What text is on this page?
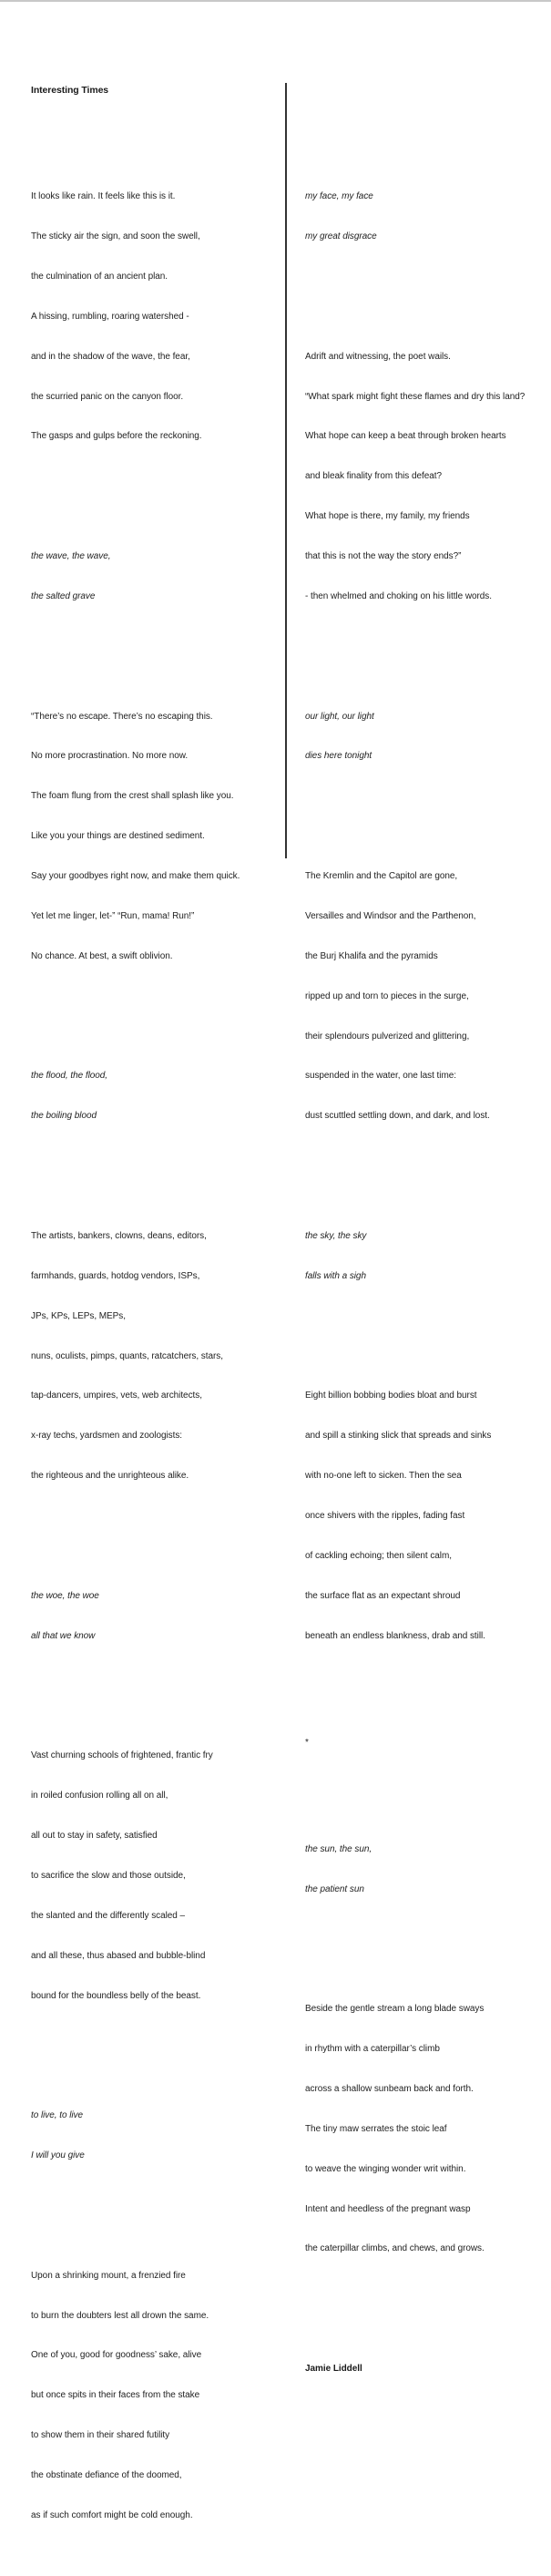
Interesting Times

It looks like rain. It feels like this is it.

The sticky air the sign, and soon the swell,

the culmination of an ancient plan.

A hissing, rumbling, roaring watershed -

and in the shadow of the wave, the fear,

the scurried panic on the canyon floor.

The gasps and gulps before the reckoning.

the wave, the wave,

the salted grave

“There’s no escape. There’s no escaping this.

No more procrastination. No more now.

The foam flung from the crest shall splash like you.

Like you your things are destined sediment.

Say your goodbyes right now, and make them quick.

Yet let me linger, let-” “Run, mama! Run!”

No chance. At best, a swift oblivion.

the flood, the flood,

the boiling blood

The artists, bankers, clowns, deans, editors,

farmhands, guards, hotdog vendors, ISPs,

JPs, KPs, LEPs, MEPs,

nuns, oculists, pimps, quants, ratcatchers, stars,

tap-dancers, umpires, vets, web architects,

x-ray techs, yardsmen and zoologists:

the righteous and the unrighteous alike.

the woe, the woe

all that we know

Vast churning schools of frightened, frantic fry

in roiled confusion rolling all on all,

all out to stay in safety, satisfied

to sacrifice the slow and those outside,

the slanted and the differently scaled –

and all these, thus abased and bubble-blind

bound for the boundless belly of the beast.

to live, to live

I will you give

Upon a shrinking mount, a frenzied fire

to burn the doubters lest all drown the same.

One of you, good for goodness’ sake, alive

but once spits in their faces from the stake

to show them in their shared futility

the obstinate defiance of the doomed,

as if such comfort might be cold enough.

my face, my face

my great disgrace

Adrift and witnessing, the poet wails.

“What spark might fight these flames and dry this land?

What hope can keep a beat through broken hearts

and bleak finality from this defeat?

What hope is there, my family, my friends

that this is not the way the story ends?”

- then whelmed and choking on his little words.

our light, our light

dies here tonight

The Kremlin and the Capitol are gone,

Versailles and Windsor and the Parthenon,

the Burj Khalifa and the pyramids

ripped up and torn to pieces in the surge,

their splendours pulverized and glittering,

suspended in the water, one last time:

dust scuttled settling down, and dark, and lost.

the sky, the sky

falls with a sigh

Eight billion bobbing bodies bloat and burst

and spill a stinking slick that spreads and sinks

with no-one left to sicken. Then the sea

once shivers with the ripples, fading fast

of cackling echoing; then silent calm,

the surface flat as an expectant shroud

beneath an endless blankness, drab and still.

*

the sun, the sun,

the patient sun

Beside the gentle stream a long blade sways

in rhythm with a caterpillar’s climb

across a shallow sunbeam back and forth.

The tiny maw serrates the stoic leaf

to weave the winging wonder writ within.

Intent and heedless of the pregnant wasp

the caterpillar climbs, and chews, and grows.

Jamie Liddell
